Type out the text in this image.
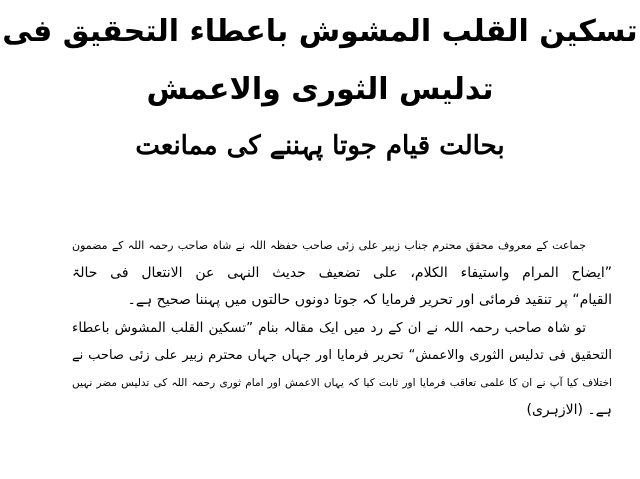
تسکین القلب المشوش باعطاء التحقیق فی
تدلیس الثوری والاعمش
بحالت قیام جوتا پہننے کی ممانعت
جماعت کے معروف محقق محترم جناب زبیر علی زئی صاحب حفظہ اللہ نے شاہ صاحب رحمہ اللہ کے مضمون
”ایضاح المرام واستیفاء الکلام، علی تضعیف حدیث النہی عن الانتعال فی حالۃ
القیام“ پر تنقید فرمائی اور تحریر فرمایا کہ جوتا دونوں حالتوں میں پہننا صحیح ہے۔
تو شاہ صاحب رحمہ اللہ نے ان کے رد میں ایک مقالہ بنام ”تسکین القلب المشوش باعطاء
التحقیق فی تدلیس الثوری والاعمش“ تحریر فرمایا اور جہاں جہاں محترم زبیر علی زئی صاحب نے
اختلاف کیا آپ نے ان کا علمی تعاقب فرمایا اور ثابت کیا کہ یہاں الاعمش اور امام ثوری رحمہ اللہ کی تدلیس مضر نہیں
ہے۔ (الازہری)
